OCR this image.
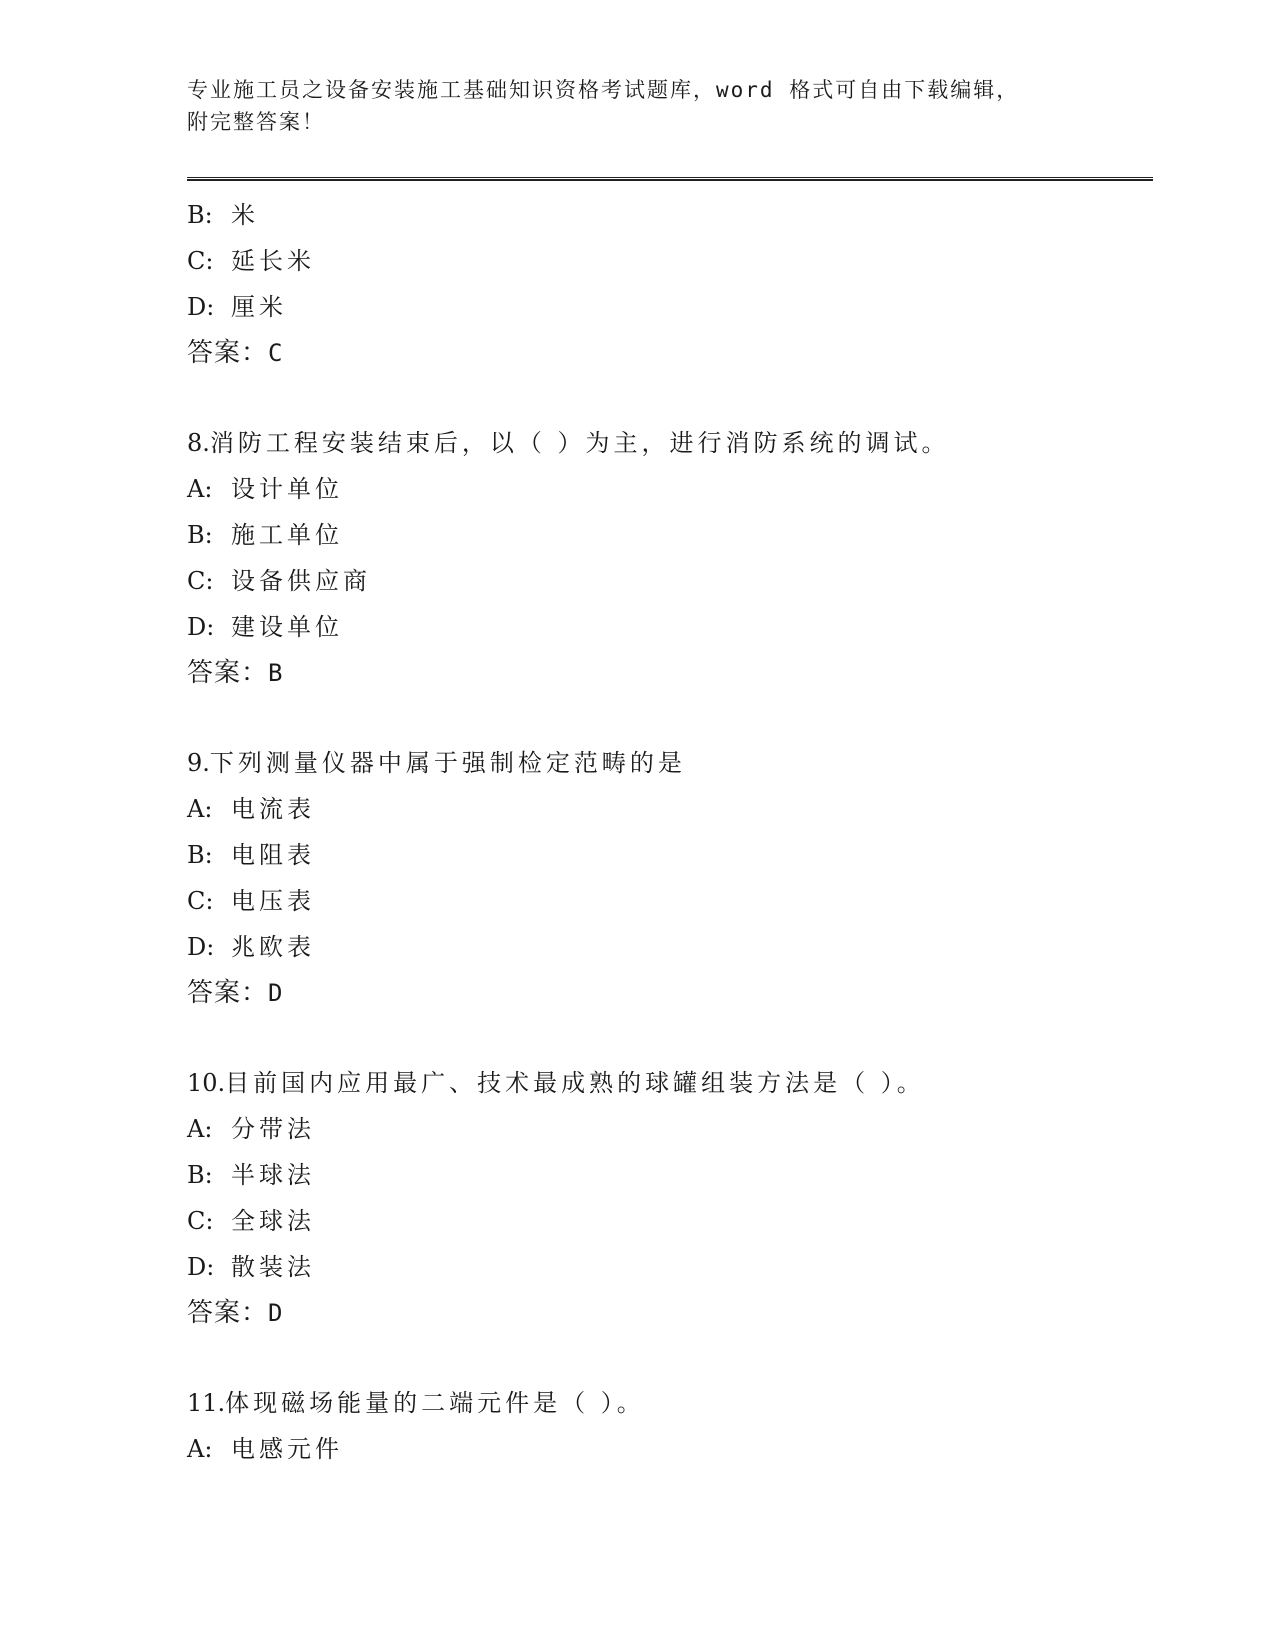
专业施工员之设备安装施工基础知识资格考试题库，word 格式可自由下载编辑，
附完整答案！
B: 米
C: 延长米
D: 厘米
答案：C
8.消防工程安装结束后，以（ ）为主，进行消防系统的调试。
A: 设计单位
B: 施工单位
C: 设备供应商
D: 建设单位
答案：B
9.下列测量仪器中属于强制检定范畴的是
A: 电流表
B: 电阻表
C: 电压表
D: 兆欧表
答案：D
10.目前国内应用最广、技术最成熟的球罐组装方法是（ ）。
A: 分带法
B: 半球法
C: 全球法
D: 散装法
答案：D
11.体现磁场能量的二端元件是（ ）。
A: 电感元件
